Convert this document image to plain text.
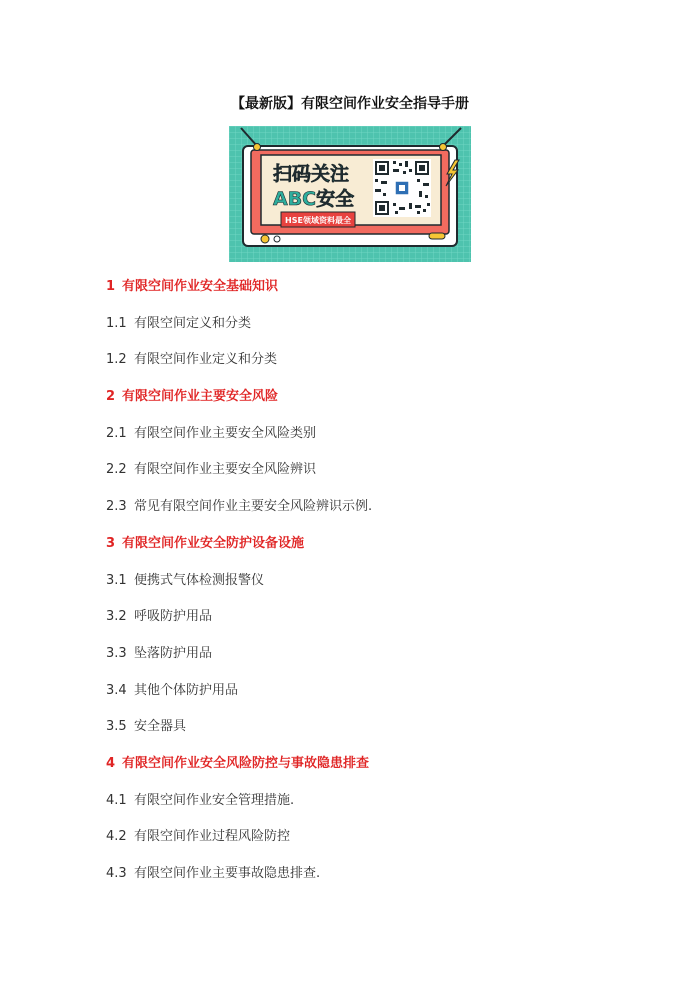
【最新版】有限空间作业安全指导手册
扫码关注
ABC安全
HSE领域资料最全
1 有限空间作业安全基础知识
1.1 有限空间定义和分类
1.2 有限空间作业定义和分类
2 有限空间作业主要安全风险
2.1 有限空间作业主要安全风险类别
2.2 有限空间作业主要安全风险辨识
2.3 常见有限空间作业主要安全风险辨识示例.
3 有限空间作业安全防护设备设施
3.1 便携式气体检测报警仪
3.2 呼吸防护用品
3.3 坠落防护用品
3.4 其他个体防护用品
3.5 安全器具
4 有限空间作业安全风险防控与事故隐患排查
4.1 有限空间作业安全管理措施.
4.2 有限空间作业过程风险防控
4.3 有限空间作业主要事故隐患排查.
